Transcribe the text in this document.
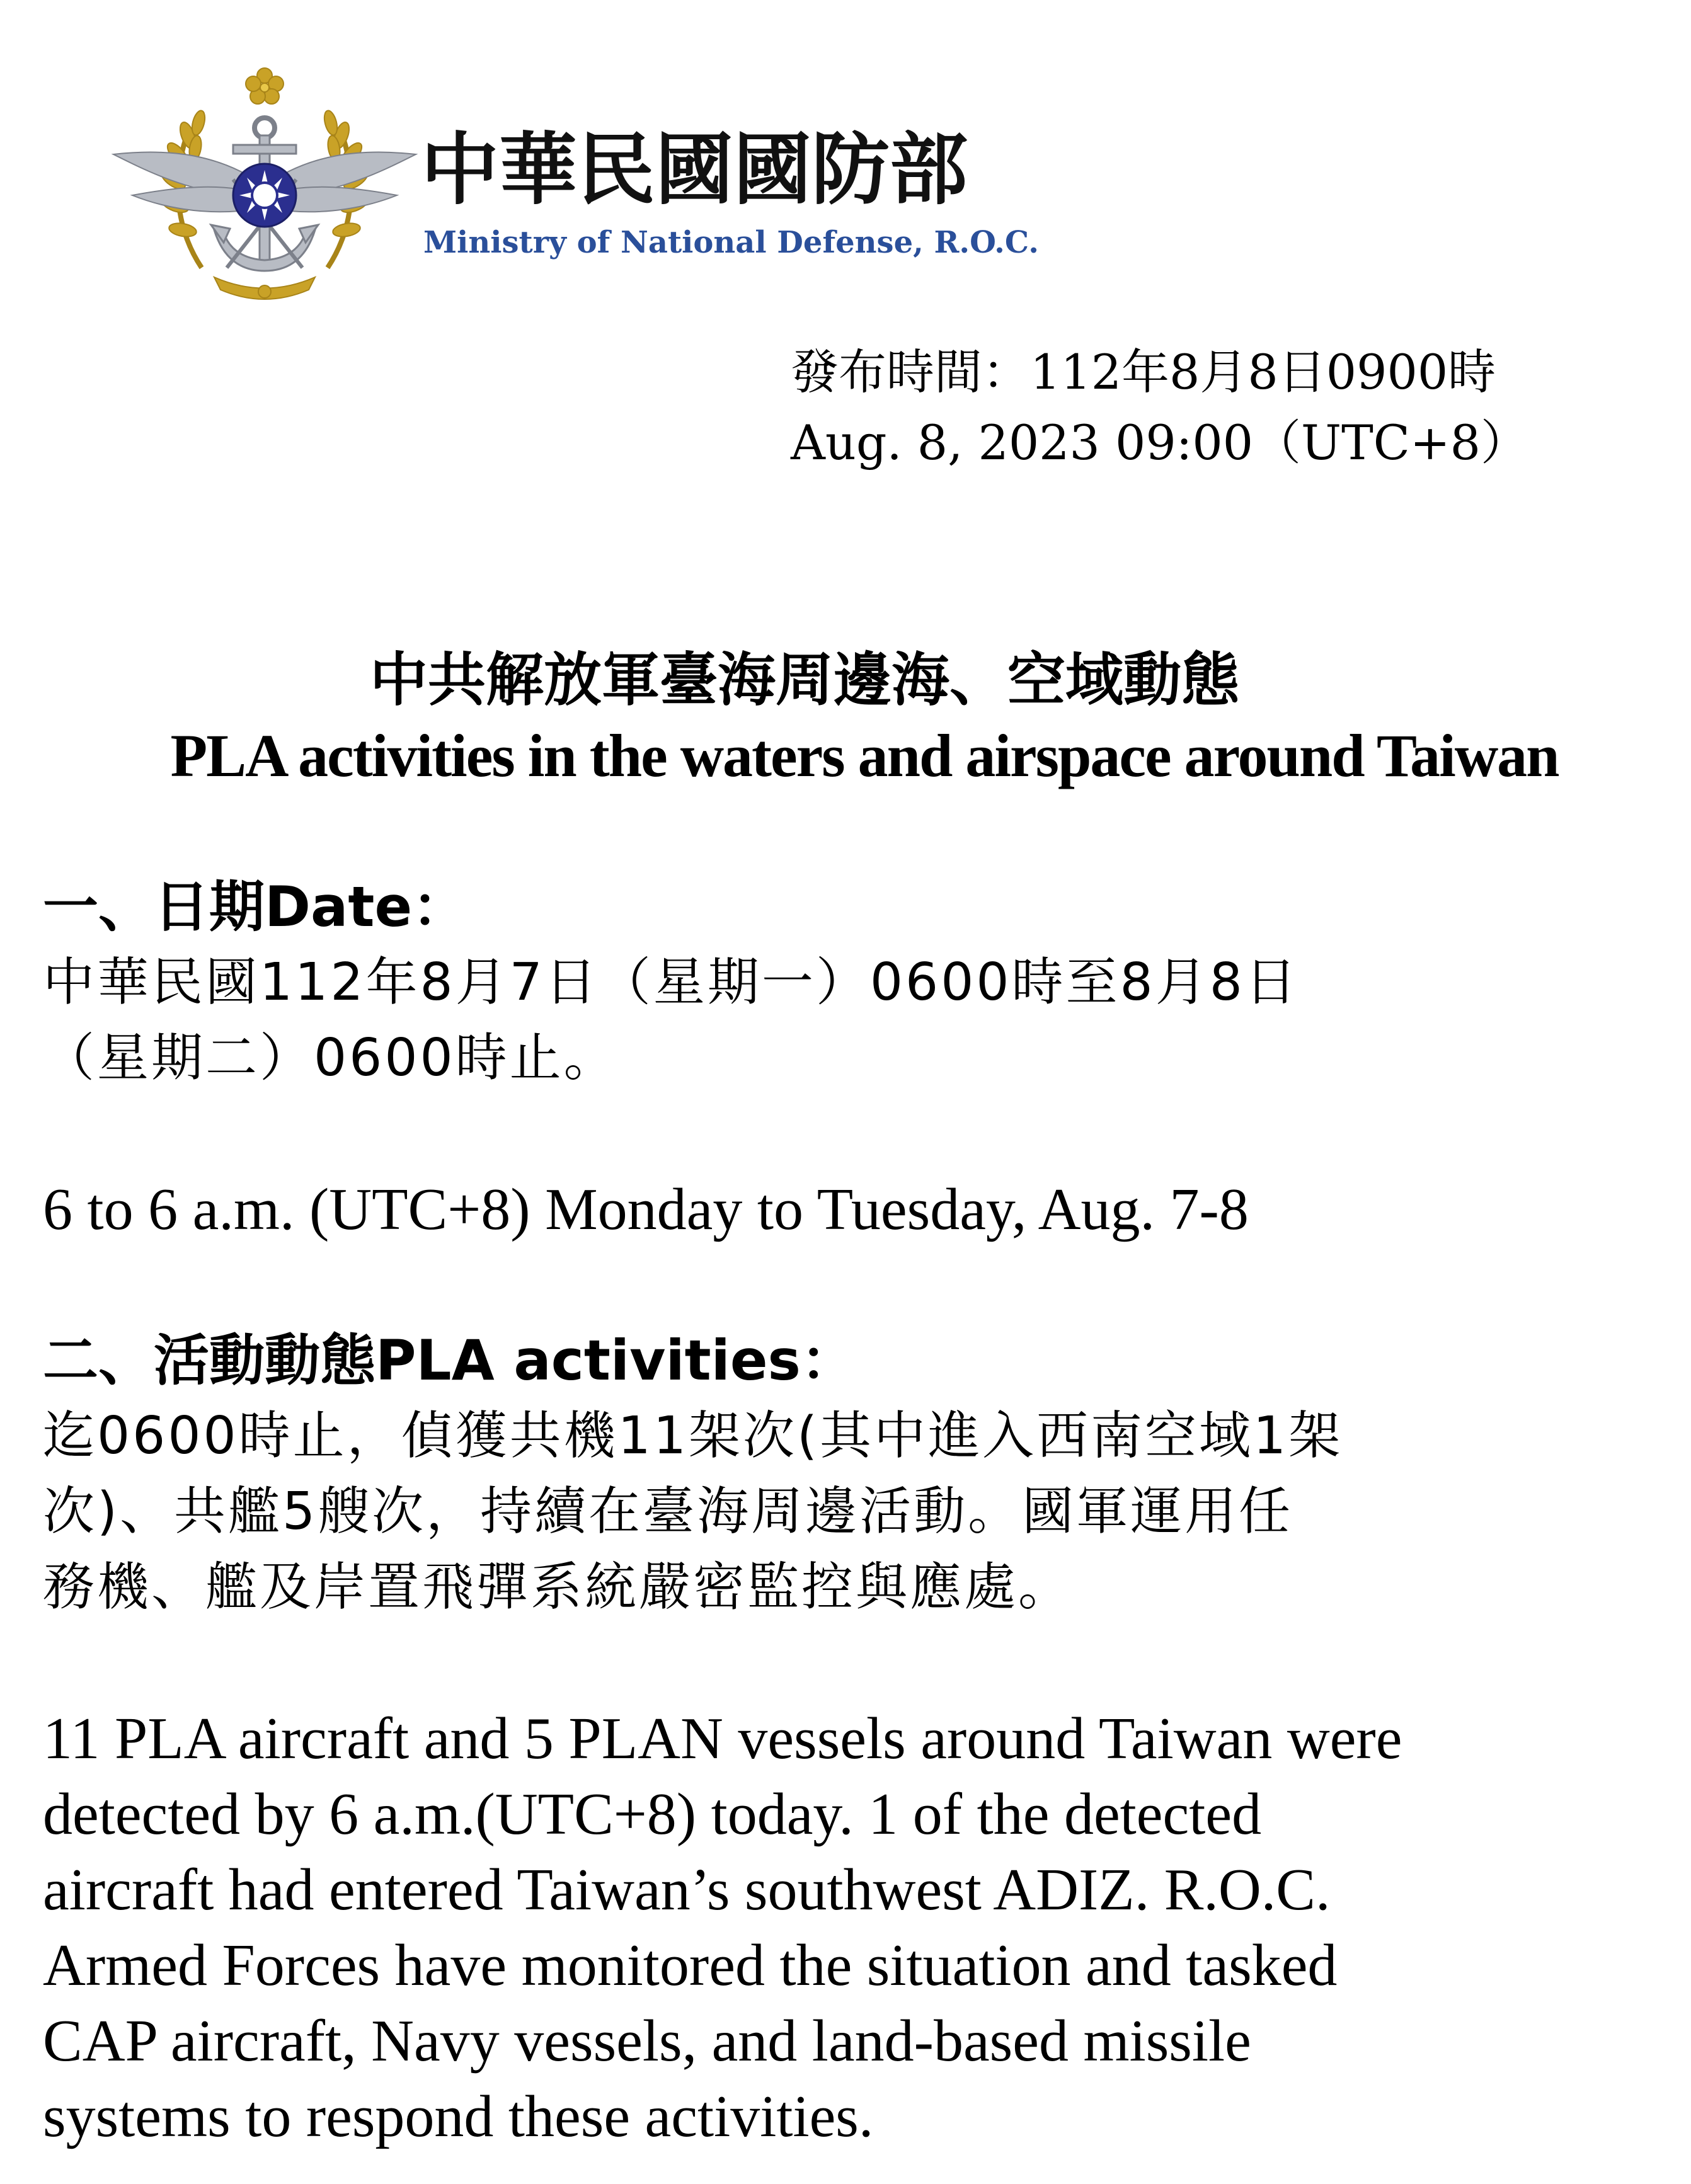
中華民國國防部
Ministry of National Defense, R.O.C.
發布時間：112年8月8日0900時
Aug. 8, 2023 09:00（UTC+8）
中共解放軍臺海周邊海、空域動態
PLA activities in the waters and airspace around Taiwan
一、日期Date：
中華民國112年8月7日（星期一）0600時至8月8日
（星期二）0600時止。
6 to 6 a.m. (UTC+8) Monday to Tuesday, Aug. 7-8
二、活動動態PLA activities：
迄0600時止，偵獲共機11架次(其中進入西南空域1架
次)、共艦5艘次，持續在臺海周邊活動。國軍運用任
務機、艦及岸置飛彈系統嚴密監控與應處。
11 PLA aircraft and 5 PLAN vessels around Taiwan were
detected by 6 a.m.(UTC+8) today. 1 of the detected
aircraft had entered Taiwan’s southwest ADIZ. R.O.C.
Armed Forces have monitored the situation and tasked
CAP aircraft, Navy vessels, and land-based missile
systems to respond these activities.
